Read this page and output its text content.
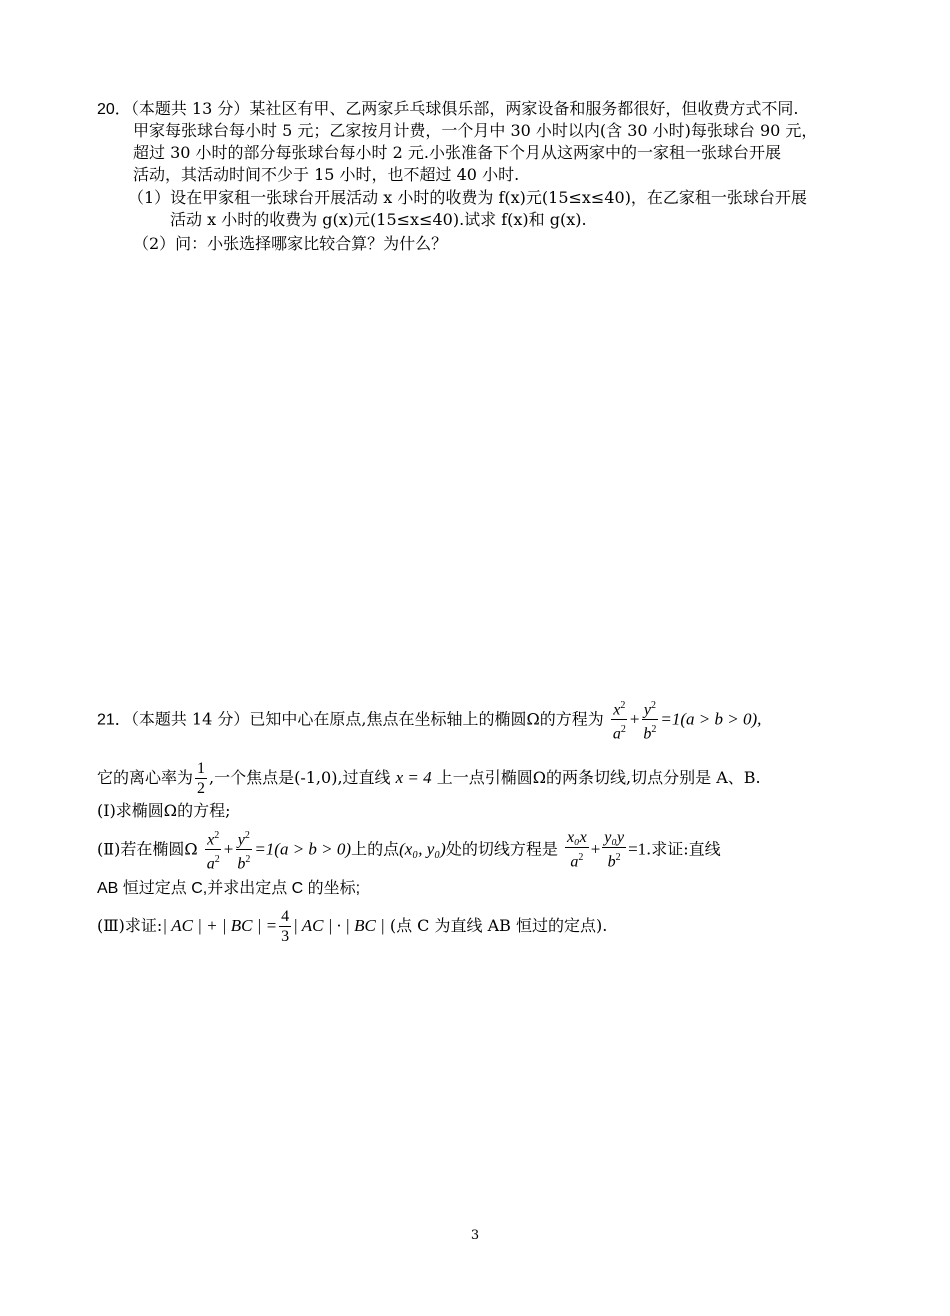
20．（本题共 13 分）某社区有甲、乙两家乒乓球俱乐部，两家设备和服务都很好，但收费方式不同.
甲家每张球台每小时 5 元；乙家按月计费，一个月中 30 小时以内(含 30 小时)每张球台 90 元，
超过 30 小时的部分每张球台每小时 2 元.小张准备下个月从这两家中的一家租一张球台开展
活动，其活动时间不少于 15 小时，也不超过 40 小时.
（1）设在甲家租一张球台开展活动 x 小时的收费为 f(x)元(15≤x≤40)，在乙家租一张球台开展
活动 x 小时的收费为 g(x)元(15≤x≤40).试求 f(x)和 g(x).
（2）问：小张选择哪家比较合算？为什么？
21．（本题共 14 分）已知中心在原点,焦点在坐标轴上的椭圆Ω的方程为 $\frac{x^2}{a^2} + \frac{y^2}{b^2} =1(a > b > 0)$,
它的离心率为 $\frac{1}{2}$ ,一个焦点是(-1,0),过直线 x = 4 上一点引椭圆Ω的两条切线,切点分别是 A、B.
(Ⅰ)求椭圆Ω的方程;
(Ⅱ)若在椭圆Ω $\frac{x^2}{a^2} + \frac{y^2}{b^2} =1(a > b > 0)$上的点(x₀, y₀)处的切线方程是 $\frac{\text{x₀x}}{a^2} + \frac{\text{y₀y}}{b^2} =1$.求证:直线
AB 恒过定点 C,并求出定点 C 的坐标;
(Ⅲ)求证:| AC | + | BC | = $\frac{4}{3}$ | AC | · | BC | (点 C 为直线 AB 恒过的定点).
3
